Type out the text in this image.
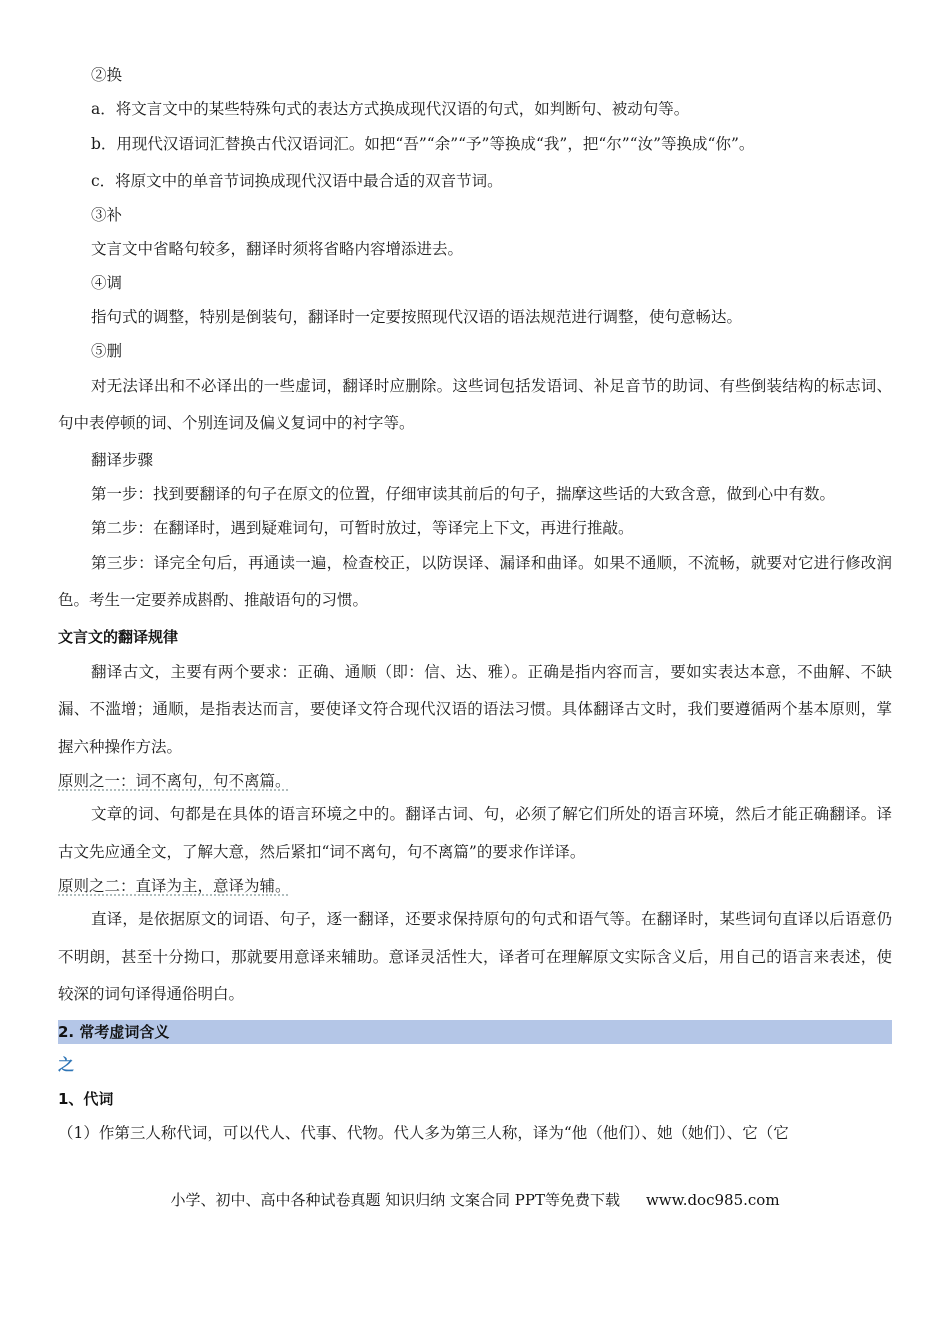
②换

a．将文言文中的某些特殊句式的表达方式换成现代汉语的句式，如判断句、被动句等。

b．用现代汉语词汇替换古代汉语词汇。如把“吾”“余”“予”等换成“我”，把“尔”“汝”等换成“你”。

c．将原文中的单音节词换成现代汉语中最合适的双音节词。

③补

文言文中省略句较多，翻译时须将省略内容增添进去。

④调

指句式的调整，特别是倒装句，翻译时一定要按照现代汉语的语法规范进行调整，使句意畅达。

⑤删

对无法译出和不必译出的一些虚词，翻译时应删除。这些词包括发语词、补足音节的助词、有些倒装结构的标志词、句中表停顿的词、个别连词及偏义复词中的衬字等。

翻译步骤

第一步：找到要翻译的句子在原文的位置，仔细审读其前后的句子，揣摩这些话的大致含意，做到心中有数。

第二步：在翻译时，遇到疑难词句，可暂时放过，等译完上下文，再进行推敲。

第三步：译完全句后，再通读一遍，检查校正，以防误译、漏译和曲译。如果不通顺，不流畅，就要对它进行修改润色。考生一定要养成斟酌、推敲语句的习惯。

文言文的翻译规律

翻译古文，主要有两个要求：正确、通顺（即：信、达、雅）。正确是指内容而言，要如实表达本意，不曲解、不缺漏、不滥增；通顺，是指表达而言，要使译文符合现代汉语的语法习惯。具体翻译古文时，我们要遵循两个基本原则，掌握六种操作方法。

原则之一：词不离句，句不离篇。

文章的词、句都是在具体的语言环境之中的。翻译古词、句，必须了解它们所处的语言环境，然后才能正确翻译。译古文先应通全文，了解大意，然后紧扣“词不离句，句不离篇”的要求作详译。

原则之二：直译为主，意译为辅。

直译，是依据原文的词语、句子，逐一翻译，还要求保持原句的句式和语气等。在翻译时，某些词句直译以后语意仍不明朗，甚至十分拗口，那就要用意译来辅助。意译灵活性大，译者可在理解原文实际含义后，用自己的语言来表述，使较深的词句译得通俗明白。

2. 常考虚词含义
之
1、代词

（1）作第三人称代词，可以代人、代事、代物。代人多为第三人称，译为“他（他们）、她（她们）、它（它

小学、初中、高中各种试卷真题 知识归纳 文案合同 PPT等免费下载 www.doc985.com
